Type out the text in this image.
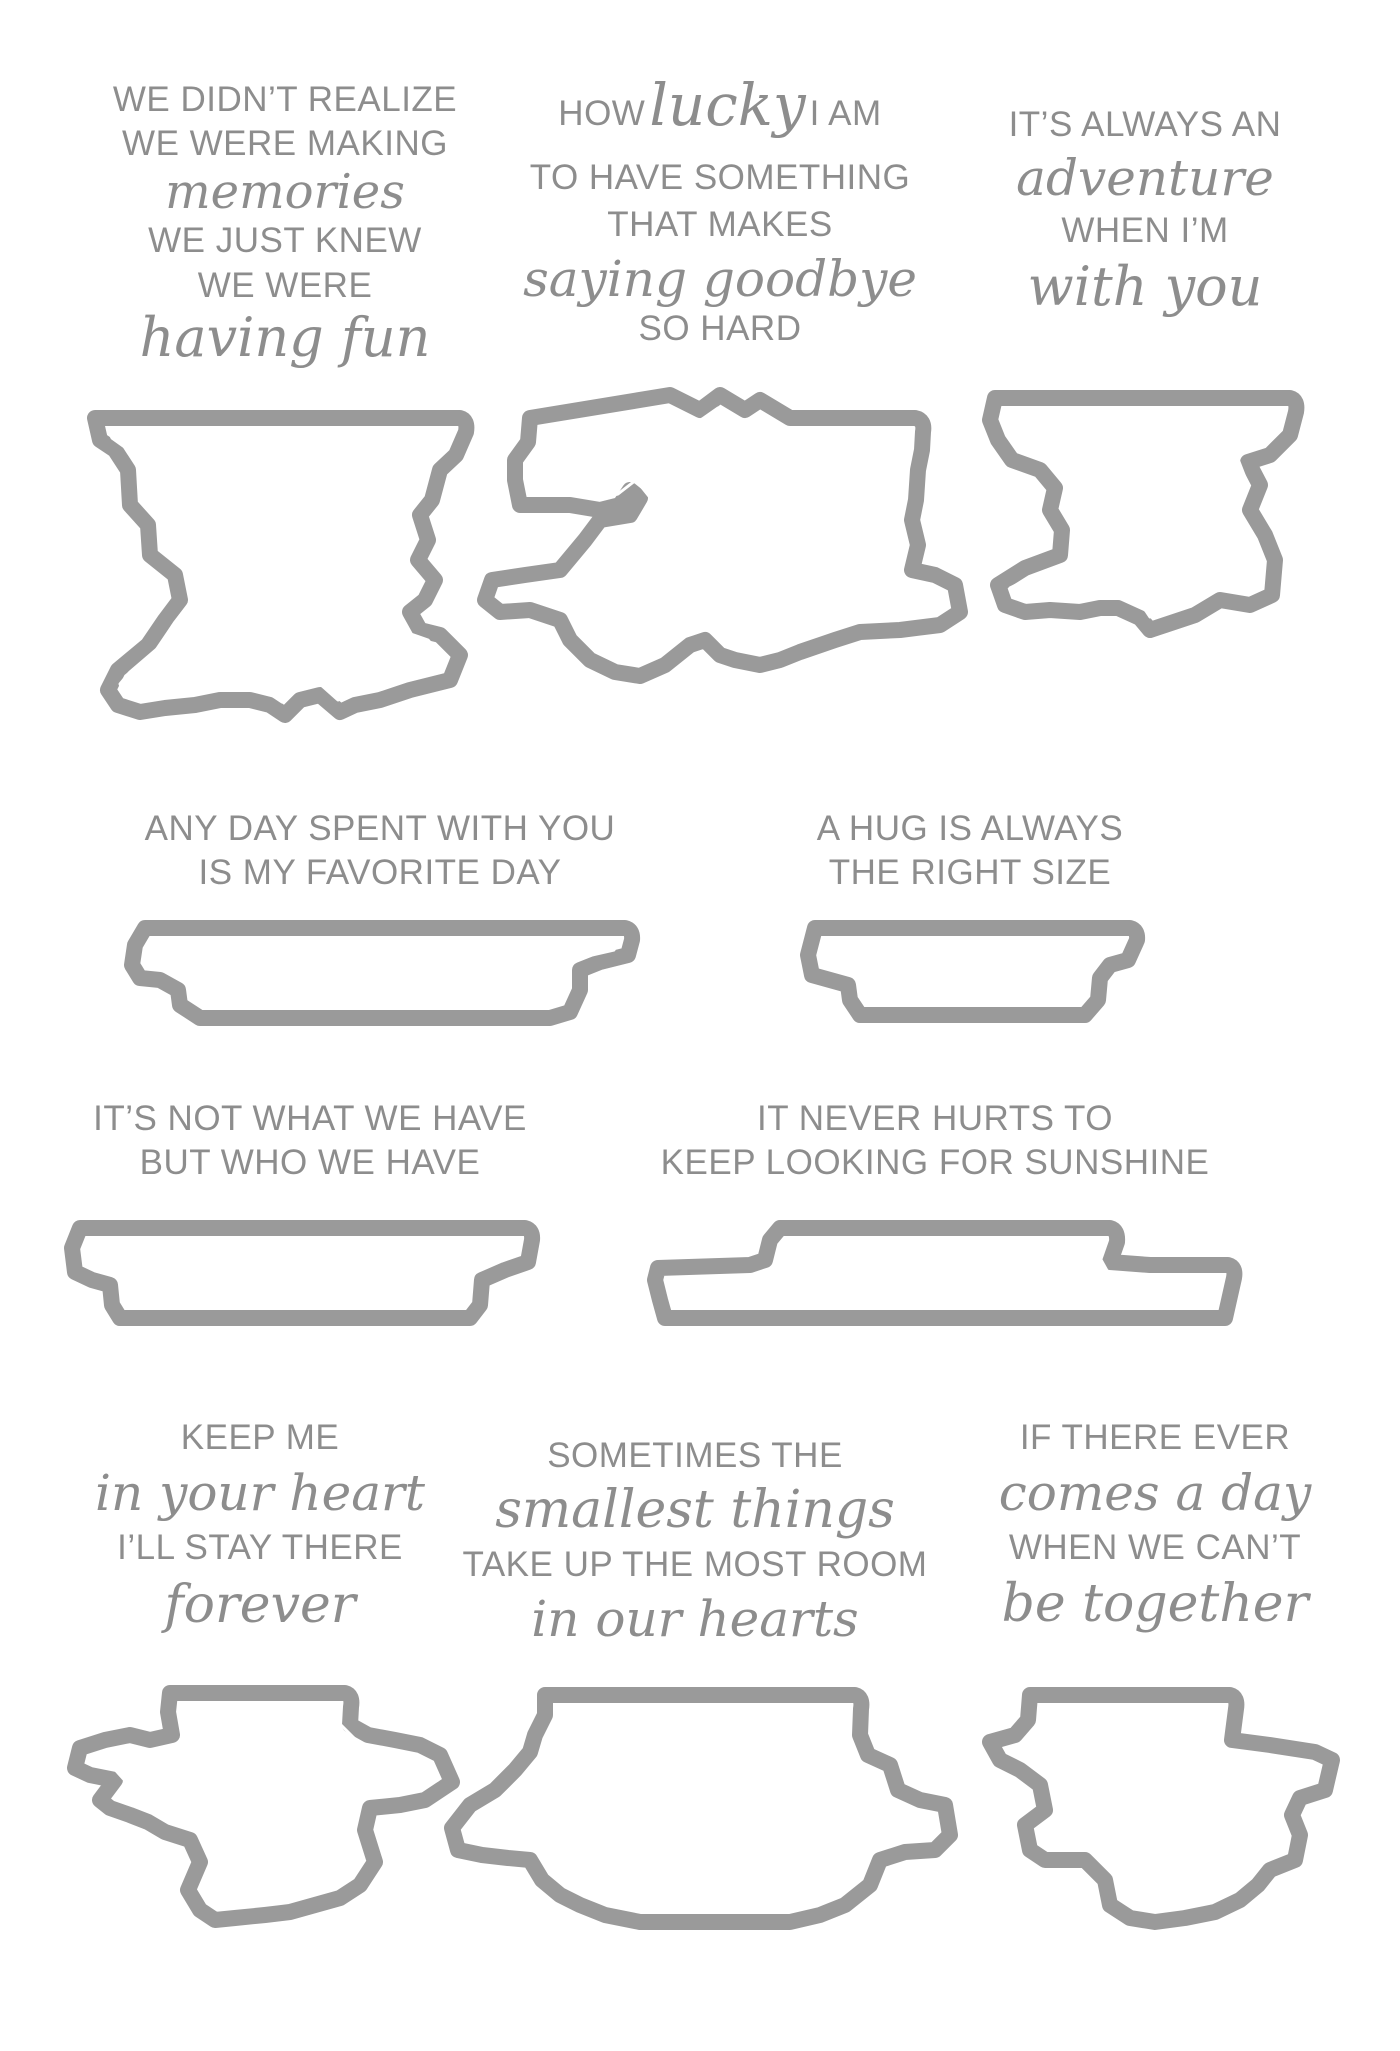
WE DIDN’T REALIZE
WE WERE MAKING
memories
WE JUST KNEW
WE WERE
having fun
HOW lucky I AM
TO HAVE SOMETHING
THAT MAKES
saying goodbye
SO HARD
IT’S ALWAYS AN
adventure
WHEN I’M
with you
ANY DAY SPENT WITH YOU
IS MY FAVORITE DAY
A HUG IS ALWAYS
THE RIGHT SIZE
IT’S NOT WHAT WE HAVE
BUT WHO WE HAVE
IT NEVER HURTS TO
KEEP LOOKING FOR SUNSHINE
KEEP ME
in your heart
I’LL STAY THERE
forever
SOMETIMES THE
smallest things
TAKE UP THE MOST ROOM
in our hearts
IF THERE EVER
comes a day
WHEN WE CAN’T
be together
